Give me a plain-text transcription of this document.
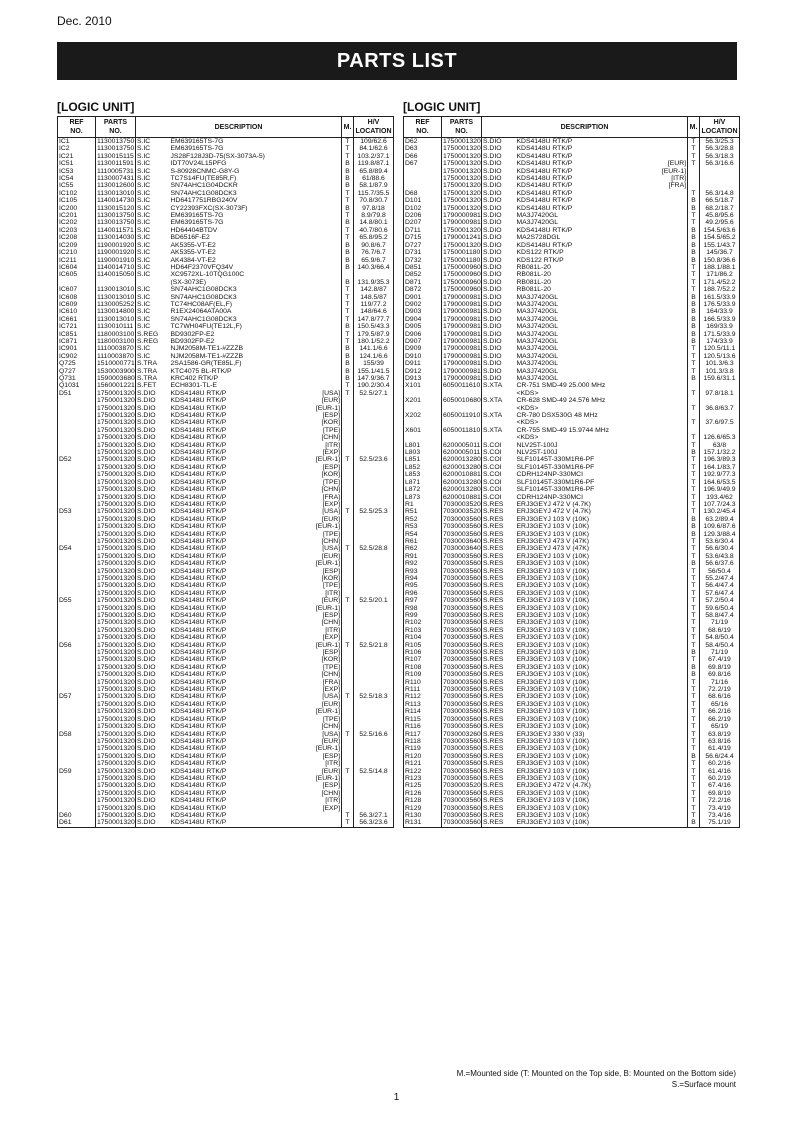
Dec. 2010
PARTS LIST
[LOGIC UNIT]
REF
NO.	PARTS
NO.	DESCRIPTION		M.	H/V
LOCATION
IC1	1130013750	S.IC	EM639165TS-7G	T	109/62.6
IC2	1130013750	S.IC	EM639165TS-7G	T	84.1/62.6
IC21	1130015115	S.IC	JS28F128J3D-75(SX-3073A-5)	T	103.2/37.1
IC51	1130011591	S.IC	IDT70V24L15PFG	B	119.8/87.1
IC53	1110005731	S.IC	S-80928CNMC-G8Y-G	B	65.8/89.4
IC54	1130007431	S.IC	TC7S14FU(TE85R,F)	B	61/88.6
IC55	1130012600	S.IC	SN74AHC1G04DCKR	B	58.1/87.9
IC102	1130013010	S.IC	SN74AHC1G08DCK3	T	115.7/35.5
IC105	1140014730	S.IC	HD6417751RBG240V	T	70.8/30.7
IC200	1130015120	S.IC	CY22393FXC(SX-3073F)	B	97.8/18
IC201	1130013750	S.IC	EM639165TS-7G	T	8.9/79.8
IC202	1130013750	S.IC	EM639165TS-7G	B	14.8/80.1
IC203	1140011571	S.IC	HD64404BTDV	T	40.7/80.6
IC208	1130014030	S.IC	BD6516F-E2	T	65.8/95.2
IC209	1190001920	S.IC	AK5355-VT-E2	B	90.8/6.7
IC210	1190001920	S.IC	AK5355-VT-E2	B	76.7/6.7
IC211	1190001910	S.IC	AK4384-VT-E2	B	65.9/6.7
IC604	1140014710	S.IC	HD64F2370VFQ34V	B	140.3/66.4
IC605	1140015050	S.IC	XC9572XL-10TQG100C		

			(SX-3073E)	B	131.9/35.3
IC607	1130013010	S.IC	SN74AHC1G08DCK3	T	142.8/87
IC608	1130013010	S.IC	SN74AHC1G08DCK3	T	148.5/87
IC609	1130005252	S.IC	TC74HC08AF(EL,F)	T	119/77.2
IC610	1130014800	S.IC	R1EX24064ATA00A	T	148/64.6
IC661	1130013010	S.IC	SN74AHC1G08DCK3	T	147.8/77.7
IC721	1130010111	S.IC	TC7WH04FU(TE12L,F)	B	150.5/43.3
IC851	1180003100	S.REG	BD9302FP-E2	T	179.5/87.9
IC871	1180003100	S.REG	BD9302FP-E2	T	180.1/52.2
IC901	1110003870	S.IC	NJM2058M-TE1-#ZZZB	B	141.1/6.6
IC902	1110003870	S.IC	NJM2058M-TE1-#ZZZB	B	124.1/6.6

Q725	1510000771	S.TRA	2SA1586-GR(TE85L,F)	B	155/39
Q727	1530003900	S.TRA	KTC4075 BL-RTK/P	B	155.1/41.5
Q731	1590003680	S.TRA	KRC402 RTK/P	B	147.9/36.7
Q1031	1560001221	S.FET	ECH8301-TL-E	T	190.2/30.4

D51	1750001320	S.DIO	KDS4148U RTK/P [USA]	T	52.5/27.1
	1750001320	S.DIO	KDS4148U RTK/P [EUR]		

	1750001320	S.DIO	KDS4148U RTK/P [EUR-1]		

	1750001320	S.DIO	KDS4148U RTK/P [ESP]		

	1750001320	S.DIO	KDS4148U RTK/P [KOR]		

	1750001320	S.DIO	KDS4148U RTK/P [TPE]		

	1750001320	S.DIO	KDS4148U RTK/P [CHN]		

	1750001320	S.DIO	KDS4148U RTK/P [ITR]		

	1750001320	S.DIO	KDS4148U RTK/P [EXP]		

D52	1750001320	S.DIO	KDS4148U RTK/P [EUR-1]	T	52.5/23.6
	1750001320	S.DIO	KDS4148U RTK/P [ESP]		

	1750001320	S.DIO	KDS4148U RTK/P [KOR]		

	1750001320	S.DIO	KDS4148U RTK/P [TPE]		

	1750001320	S.DIO	KDS4148U RTK/P [CHN]		

	1750001320	S.DIO	KDS4148U RTK/P [FRA]		

	1750001320	S.DIO	KDS4148U RTK/P [EXP]		

D53	1750001320	S.DIO	KDS4148U RTK/P [USA]	T	52.5/25.3
	1750001320	S.DIO	KDS4148U RTK/P [EUR]		

	1750001320	S.DIO	KDS4148U RTK/P [EUR-1]		

	1750001320	S.DIO	KDS4148U RTK/P [TPE]		

	1750001320	S.DIO	KDS4148U RTK/P [CHN]		

D54	1750001320	S.DIO	KDS4148U RTK/P [USA]	T	52.5/28.8
	1750001320	S.DIO	KDS4148U RTK/P [EUR]		

	1750001320	S.DIO	KDS4148U RTK/P [EUR-1]		

	1750001320	S.DIO	KDS4148U RTK/P [ESP]		

	1750001320	S.DIO	KDS4148U RTK/P [KOR]		

	1750001320	S.DIO	KDS4148U RTK/P [TPE]		

	1750001320	S.DIO	KDS4148U RTK/P [ITR]		

D55	1750001320	S.DIO	KDS4148U RTK/P [EUR]	T	52.5/20.1
	1750001320	S.DIO	KDS4148U RTK/P [EUR-1]		

	1750001320	S.DIO	KDS4148U RTK/P [ESP]		

	1750001320	S.DIO	KDS4148U RTK/P [CHN]		

	1750001320	S.DIO	KDS4148U RTK/P [ITR]		

	1750001320	S.DIO	KDS4148U RTK/P [EXP]		

D56	1750001320	S.DIO	KDS4148U RTK/P [EUR-1]	T	52.5/21.8
	1750001320	S.DIO	KDS4148U RTK/P [ESP]		

	1750001320	S.DIO	KDS4148U RTK/P [KOR]		

	1750001320	S.DIO	KDS4148U RTK/P [TPE]		

	1750001320	S.DIO	KDS4148U RTK/P [CHN]		

	1750001320	S.DIO	KDS4148U RTK/P [FRA]		

	1750001320	S.DIO	KDS4148U RTK/P [EXP]		

D57	1750001320	S.DIO	KDS4148U RTK/P [USA]	T	52.5/18.3
	1750001320	S.DIO	KDS4148U RTK/P [EUR]		

	1750001320	S.DIO	KDS4148U RTK/P [EUR-1]		

	1750001320	S.DIO	KDS4148U RTK/P [TPE]		

	1750001320	S.DIO	KDS4148U RTK/P [CHN]		

D58	1750001320	S.DIO	KDS4148U RTK/P [USA]	T	52.5/16.6
	1750001320	S.DIO	KDS4148U RTK/P [EUR]		

	1750001320	S.DIO	KDS4148U RTK/P [EUR-1]		

	1750001320	S.DIO	KDS4148U RTK/P [ESP]		

	1750001320	S.DIO	KDS4148U RTK/P [ITR]		

D59	1750001320	S.DIO	KDS4148U RTK/P [EUR]	T	52.5/14.8
	1750001320	S.DIO	KDS4148U RTK/P [EUR-1]		

	1750001320	S.DIO	KDS4148U RTK/P [ESP]		

	1750001320	S.DIO	KDS4148U RTK/P [CHN]		

	1750001320	S.DIO	KDS4148U RTK/P [ITR]		

	1750001320	S.DIO	KDS4148U RTK/P [EXP]		

D60	1750001320	S.DIO	KDS4148U RTK/P	T	56.3/27.1
D61	1750001320	S.DIO	KDS4148U RTK/P	T	56.3/23.6
[LOGIC UNIT]
REF
NO.	PARTS
NO.	DESCRIPTION		M.	H/V
LOCATION
D62	1750001320	S.DIO	KDS4148U RTK/P	T	56.3/25.3
D63	1750001320	S.DIO	KDS4148U RTK/P	T	56.3/28.8
D66	1750001320	S.DIO	KDS4148U RTK/P	T	56.3/18.3
D67	1750001320	S.DIO	KDS4148U RTK/P [EUR]	T	56.3/16.6
	1750001320	S.DIO	KDS4148U RTK/P [EUR-1]		

	1750001320	S.DIO	KDS4148U RTK/P [ITR]		

	1750001320	S.DIO	KDS4148U RTK/P [FRA]		

D68	1750001320	S.DIO	KDS4148U RTK/P	T	56.3/14.8
D101	1750001320	S.DIO	KDS4148U RTK/P	B	66.5/18.7
D102	1750001320	S.DIO	KDS4148U RTK/P	B	68.2/18.7
D206	1790000981	S.DIO	MA3J7420GL	T	45.8/95.6
D207	1790000981	S.DIO	MA3J7420GL	T	49.2/95.6
D711	1750001320	S.DIO	KDS4148U RTK/P	B	154.5/63.6
D715	1790001241	S.DIO	MA2S728DGL	B	154.5/65.2
D727	1750001320	S.DIO	KDS4148U RTK/P	B	155.1/43.7
D731	1750001180	S.DIO	KDS122 RTK/P	B	145/36.7
D732	1750001180	S.DIO	KDS122 RTK/P	B	150.8/36.6
D851	1750000960	S.DIO	RB081L-20	T	188.1/88.1
D852	1750000960	S.DIO	RB081L-20	T	171/86.2
D871	1750000960	S.DIO	RB081L-20	T	171.4/52.2
D872	1750000960	S.DIO	RB081L-20	T	188.7/52.2
D901	1790000981	S.DIO	MA3J7420GL	B	161.5/33.9
D902	1790000981	S.DIO	MA3J7420GL	B	176.5/33.9
D903	1790000981	S.DIO	MA3J7420GL	B	164/33.9
D904	1790000981	S.DIO	MA3J7420GL	B	166.5/33.9
D905	1790000981	S.DIO	MA3J7420GL	B	169/33.9
D906	1790000981	S.DIO	MA3J7420GL	B	171.5/33.9
D907	1790000981	S.DIO	MA3J7420GL	B	174/33.9
D909	1790000981	S.DIO	MA3J7420GL	T	120.5/11.1
D910	1790000981	S.DIO	MA3J7420GL	T	120.5/13.6
D911	1790000981	S.DIO	MA3J7420GL	T	101.3/6.3
D912	1790000981	S.DIO	MA3J7420GL	T	101.3/3.8
D913	1790000981	S.DIO	MA3J7420GL	B	159.6/31.1

X101	6050011610	S.XTA	CR-751 SMD-49 25.000 MHz		

			<KDS>	T	97.8/18.1
X201	6050010680	S.XTA	CR-628 SMD-49 24.576 MHz		

			<KDS>	T	36.8/63.7
X202	6050011910	S.XTA	CR-780 DSX530G 48 MHz		

			<KDS>	T	37.6/97.5
X601	6050011810	S.XTA	CR-755 SMD-49 15.9744 MHz		

			<KDS>	T	126.6/65.3

L801	6200005011	S.COI	NLV25T-100J	T	63/8
L803	6200005011	S.COI	NLV25T-100J	B	157.1/32.2
L851	6200013280	S.COI	SLF10145T-330M1R6-PF	T	196.3/89.3
L852	6200013280	S.COI	SLF10145T-330M1R6-PF	T	164.1/83.7
L853	6200010881	S.COI	CDRH124NP-330MCI	T	192.9/77.3
L871	6200013280	S.COI	SLF10145T-330M1R6-PF	T	164.6/53.5
L872	6200013280	S.COI	SLF10145T-330M1R6-PF	T	196.9/49.9
L873	6200010881	S.COI	CDRH124NP-330MCI	T	193.4/62

R1	7030003520	S.RES	ERJ3GEYJ 472 V (4.7K)	T	107.7/24.3
R51	7030003520	S.RES	ERJ3GEYJ 472 V (4.7K)	T	130.2/45.4
R52	7030003560	S.RES	ERJ3GEYJ 103 V (10K)	B	63.2/89.4
R53	7030003560	S.RES	ERJ3GEYJ 103 V (10K)	B	109.6/87.6
R54	7030003560	S.RES	ERJ3GEYJ 103 V (10K)	B	129.3/88.4
R61	7030003640	S.RES	ERJ3GEYJ 473 V (47K)	T	53.6/30.4
R62	7030003640	S.RES	ERJ3GEYJ 473 V (47K)	T	56.6/30.4
R91	7030003560	S.RES	ERJ3GEYJ 103 V (10K)	T	53.6/43.8
R92	7030003560	S.RES	ERJ3GEYJ 103 V (10K)	B	56.6/37.6
R93	7030003560	S.RES	ERJ3GEYJ 103 V (10K)	T	56/50.4
R94	7030003560	S.RES	ERJ3GEYJ 103 V (10K)	T	55.2/47.4
R95	7030003560	S.RES	ERJ3GEYJ 103 V (10K)	T	56.4/47.4
R96	7030003560	S.RES	ERJ3GEYJ 103 V (10K)	T	57.6/47.4
R97	7030003560	S.RES	ERJ3GEYJ 103 V (10K)	T	57.2/50.4
R98	7030003560	S.RES	ERJ3GEYJ 103 V (10K)	T	59.6/50.4
R99	7030003560	S.RES	ERJ3GEYJ 103 V (10K)	T	58.8/47.4
R102	7030003560	S.RES	ERJ3GEYJ 103 V (10K)	T	71/19
R103	7030003560	S.RES	ERJ3GEYJ 103 V (10K)	T	68.6/19
R104	7030003560	S.RES	ERJ3GEYJ 103 V (10K)	T	54.8/50.4
R105	7030003560	S.RES	ERJ3GEYJ 103 V (10K)	T	58.4/50.4
R106	7030003560	S.RES	ERJ3GEYJ 103 V (10K)	B	71/19
R107	7030003560	S.RES	ERJ3GEYJ 103 V (10K)	T	67.4/19
R108	7030003560	S.RES	ERJ3GEYJ 103 V (10K)	B	69.8/19
R109	7030003560	S.RES	ERJ3GEYJ 103 V (10K)	B	69.8/16
R110	7030003560	S.RES	ERJ3GEYJ 103 V (10K)	T	71/16
R111	7030003560	S.RES	ERJ3GEYJ 103 V (10K)	T	72.2/19
R112	7030003560	S.RES	ERJ3GEYJ 103 V (10K)	T	68.6/16
R113	7030003560	S.RES	ERJ3GEYJ 103 V (10K)	T	65/16
R114	7030003560	S.RES	ERJ3GEYJ 103 V (10K)	T	66.2/16
R115	7030003560	S.RES	ERJ3GEYJ 103 V (10K)	T	66.2/19
R116	7030003560	S.RES	ERJ3GEYJ 103 V (10K)	T	65/19
R117	7030003260	S.RES	ERJ3GEYJ 330 V (33)	T	63.8/19
R118	7030003560	S.RES	ERJ3GEYJ 103 V (10K)	T	63.8/16
R119	7030003560	S.RES	ERJ3GEYJ 103 V (10K)	T	61.4/19
R120	7030003560	S.RES	ERJ3GEYJ 103 V (10K)	B	56.6/24.4
R121	7030003560	S.RES	ERJ3GEYJ 103 V (10K)	T	60.2/16
R122	7030003560	S.RES	ERJ3GEYJ 103 V (10K)	T	61.4/16
R123	7030003560	S.RES	ERJ3GEYJ 103 V (10K)	T	60.2/19
R125	7030003520	S.RES	ERJ3GEYJ 472 V (4.7K)	T	67.4/16
R126	7030003560	S.RES	ERJ3GEYJ 103 V (10K)	T	69.8/19
R128	7030003560	S.RES	ERJ3GEYJ 103 V (10K)	T	72.2/16
R129	7030003560	S.RES	ERJ3GEYJ 103 V (10K)	T	73.4/19
R130	7030003560	S.RES	ERJ3GEYJ 103 V (10K)	T	73.4/16
R131	7030003560	S.RES	ERJ3GEYJ 103 V (10K)	B	75.1/19
M.=Mounted side (T: Mounted on the Top side, B: Mounted on the Bottom side)
S.=Surface mount
1
